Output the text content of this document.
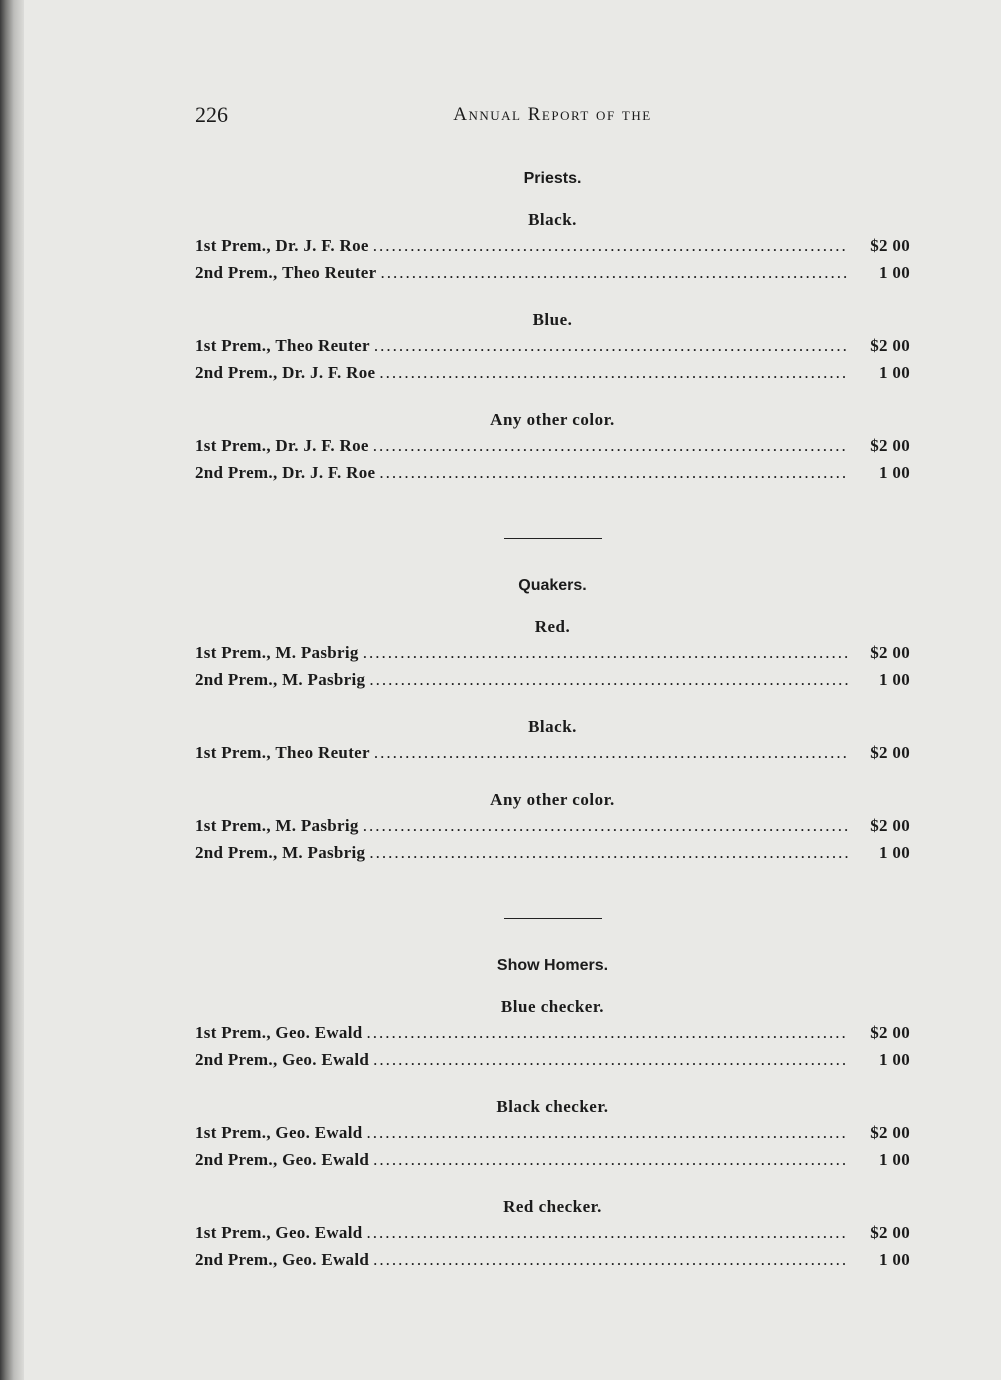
226	Annual Report of the
Priests.
Black.
1st Prem. , Dr. J. F. Roe .....	$2 00
2nd Prem. , Theo Reuter .....	1 00
Blue.
1st Prem. , Theo Reuter .....	$2 00
2nd Prem. , Dr. J. F. Roe .....	1 00
Any other color.
1st Prem. , Dr. J. F. Roe .....	$2 00
2nd Prem. , Dr. J. F. Roe .....	1 00
Quakers.
Red.
1st Prem. , M. Pasbrig .....	$2 00
2nd Prem. , M. Pasbrig .....	1 00
Black.
1st Prem. , Theo Reuter .....	$2 00
Any other color.
1st Prem. , M. Pasbrig .....	$2 00
2nd Prem. , M. Pasbrig .....	1 00
Show Homers.
Blue checker.
1st Prem. , Geo. Ewald .....	$2 00
2nd Prem. , Geo. Ewald .....	1 00
Black checker.
1st Prem. , Geo. Ewald .....	$2 00
2nd Prem. , Geo. Ewald .....	1 00
Red checker.
1st Prem. , Geo. Ewald .....	$2 00
2nd Prem. , Geo. Ewald .....	1 00
